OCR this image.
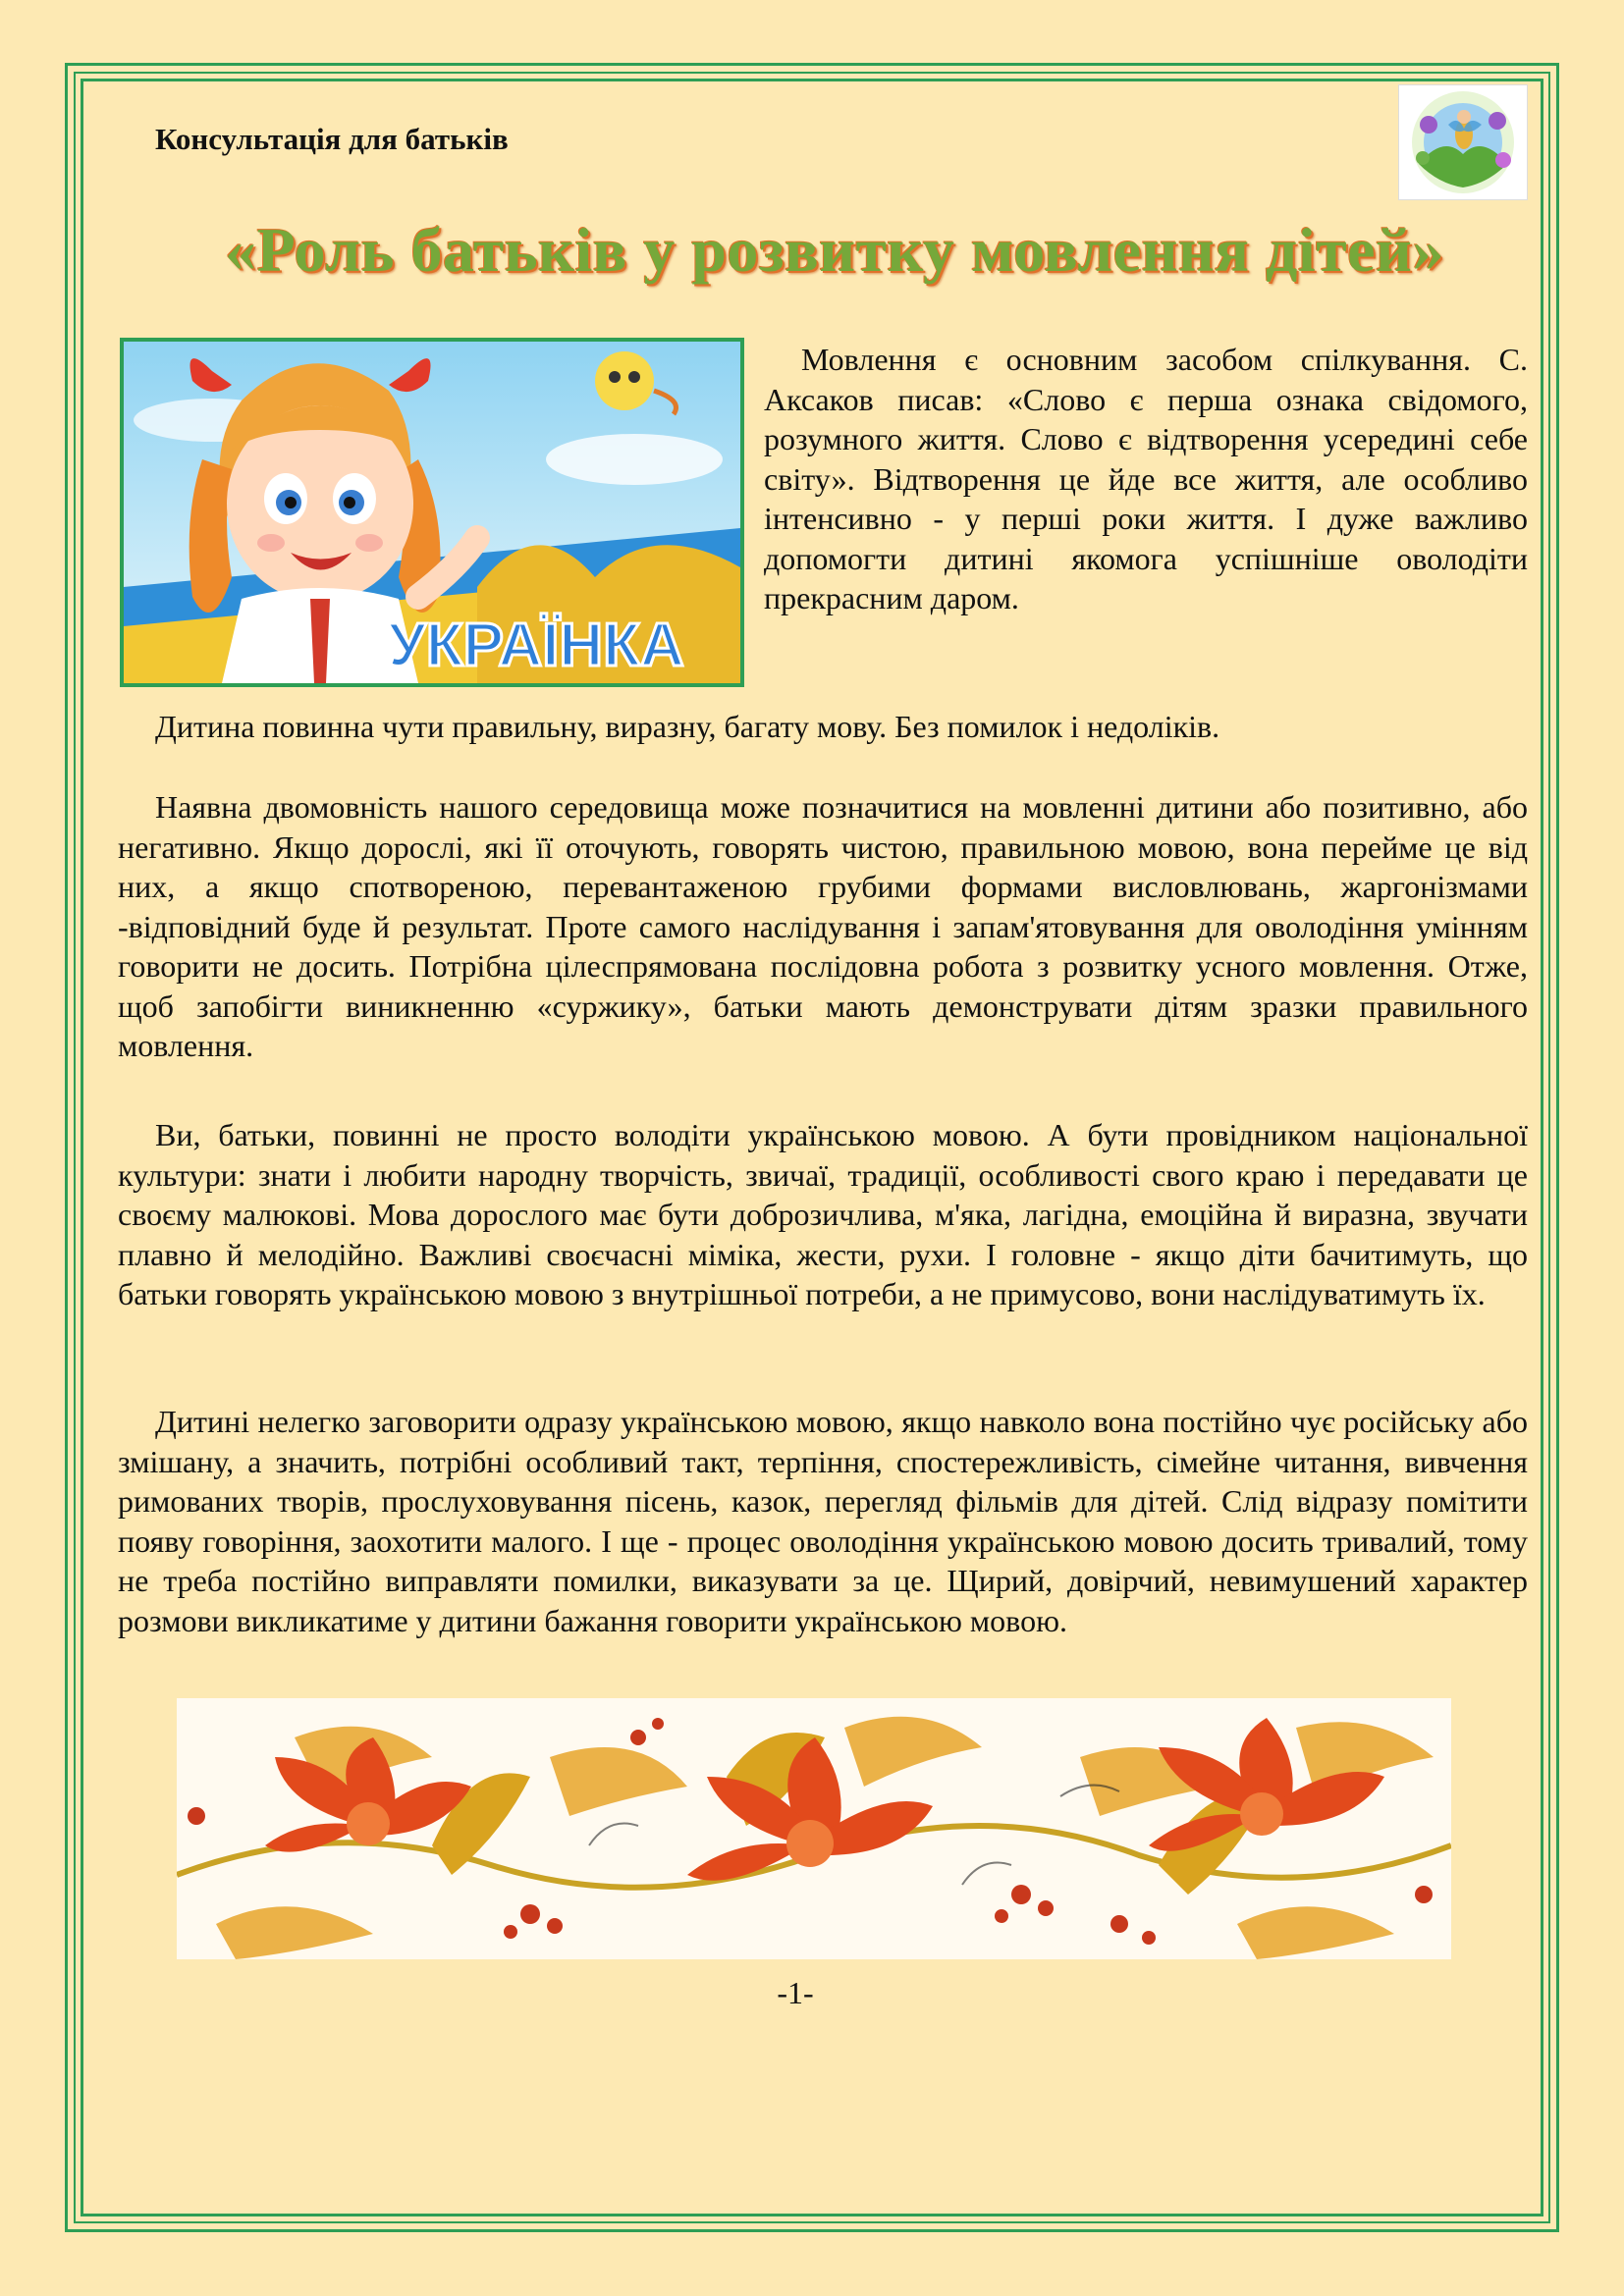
Консультація для батьків
«Роль батьків у розвитку мовлення дітей»
УКРАЇНКА

Мовлення є основним засобом спілкування. С. Аксаков писав: «Слово є перша ознака свідомого, розумного життя. Слово є відтворення усередині себе світу». Відтворення це йде все життя, але особливо інтенсивно - у перші роки життя. І дуже важливо допомогти дитині якомога успішніше оволодіти прекрасним даром.

Дитина повинна чути правильну, виразну, багату мову. Без помилок і недоліків.

Наявна двомовність нашого середовища може позначитися на мовленні дитини або позитивно, або негативно. Якщо дорослі, які її оточують, говорять чистою, правильною мовою, вона перейме це від них, а якщо спотвореною, перевантаженою грубими формами висловлювань, жаргонізмами -відповідний буде й результат. Проте самого наслідування і запам'ятовування для оволодіння умінням говорити не досить. Потрібна цілеспрямована послідовна робота з розвитку усного мовлення. Отже, щоб запобігти виникненню «суржику», батьки мають демонструвати дітям зразки правильного мовлення.

Ви, батьки, повинні не просто володіти українською мовою. А бути провідником національної культури: знати і любити народну творчість, звичаї, традиції, особливості свого краю і передавати це своєму малюкові. Мова дорослого має бути доброзичлива, м'яка, лагідна, емоційна й виразна, звучати плавно й мелодійно. Важливі своєчасні міміка, жести, рухи. І головне - якщо діти бачитимуть, що батьки говорять українською мовою з внутрішньої потреби, а не примусово, вони наслідуватимуть їх.

Дитині нелегко заговорити одразу українською мовою, якщо навколо вона постійно чує російську або змішану, а значить, потрібні особливий такт, терпіння, спостережливість, сімейне читання, вивчення римованих творів, прослуховування пісень, казок, перегляд фільмів для дітей. Слід відразу помітити появу говоріння, заохотити малого. І ще - процес оволодіння українською мовою досить тривалий, тому не треба постійно виправляти помилки, виказувати за це. Щирий, довірчий, невимушений характер розмови викликатиме у дитини бажання говорити українською мовою.

-1-
